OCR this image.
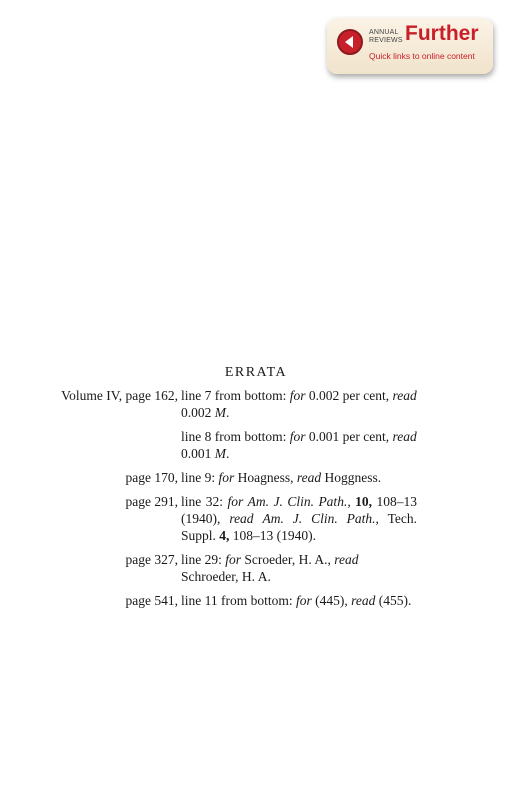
ANNUAL
REVIEWS Further
Quick links to online content
ERRATA
Volume IV, page 162, line 7 from bottom: for 0.002 per cent, read 0.002 M.
line 8 from bottom: for 0.001 per cent, read 0.001 M.
page 170, line 9: for Hoagness, read Hoggness.
page 291, line 32: for Am. J. Clin. Path., 10, 108–13 (1940), read Am. J. Clin. Path., Tech. Suppl. 4, 108–13 (1940).
page 327, line 29: for Scroeder, H. A., read Schroeder, H. A.
page 541, line 11 from bottom: for (445), read (455).
